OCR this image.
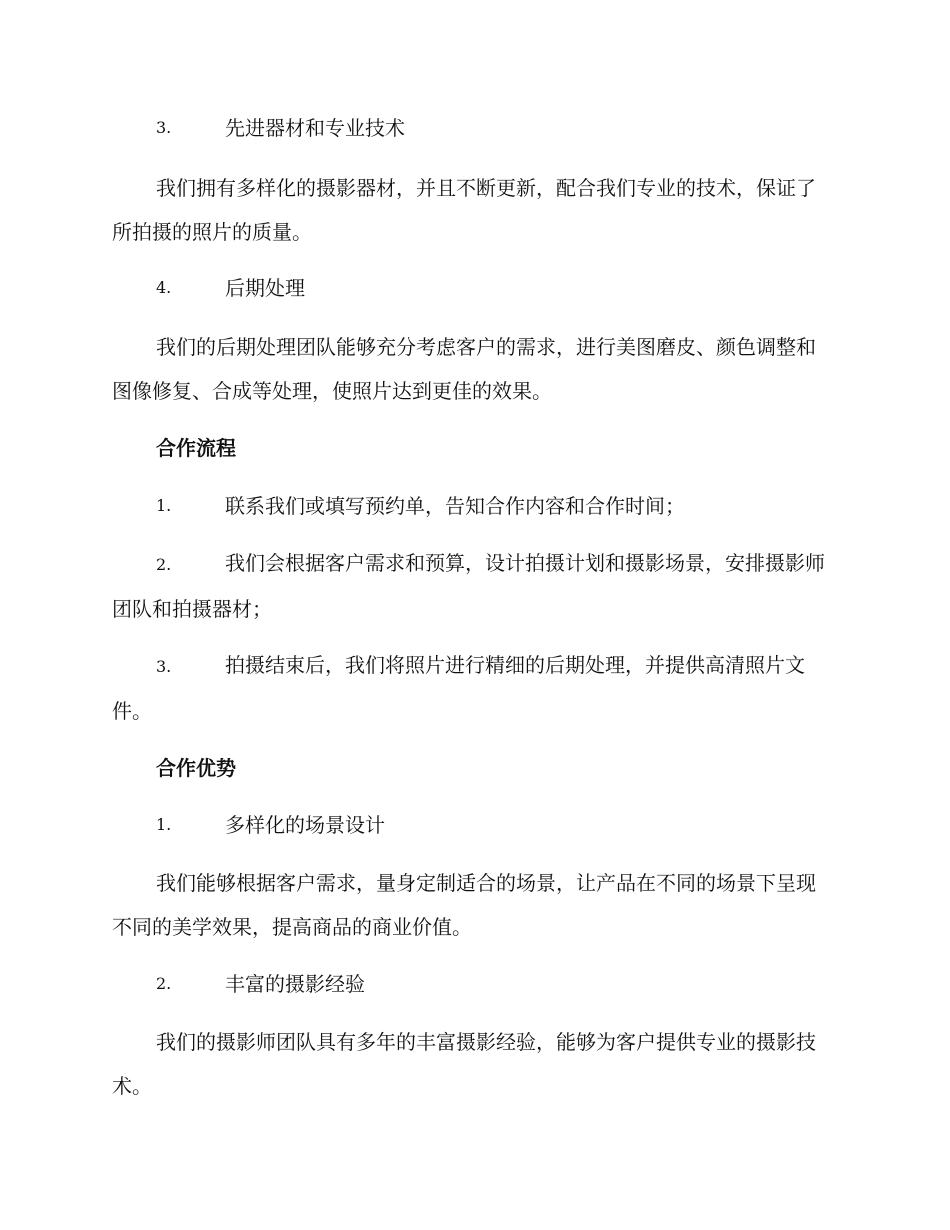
3.	先进器材和专业技术

我们拥有多样化的摄影器材，并且不断更新，配合我们专业的技术，保证了所拍摄的照片的质量。

4.	后期处理

我们的后期处理团队能够充分考虑客户的需求，进行美图磨皮、颜色调整和图像修复、合成等处理，使照片达到更佳的效果。

合作流程
1.	联系我们或填写预约单，告知合作内容和合作时间；

2.	我们会根据客户需求和预算，设计拍摄计划和摄影场景，安排摄影师团队和拍摄器材；

3.	拍摄结束后，我们将照片进行精细的后期处理，并提供高清照片文件。

合作优势
1.	多样化的场景设计

我们能够根据客户需求，量身定制适合的场景，让产品在不同的场景下呈现不同的美学效果，提高商品的商业价值。

2.	丰富的摄影经验

我们的摄影师团队具有多年的丰富摄影经验，能够为客户提供专业的摄影技术。
